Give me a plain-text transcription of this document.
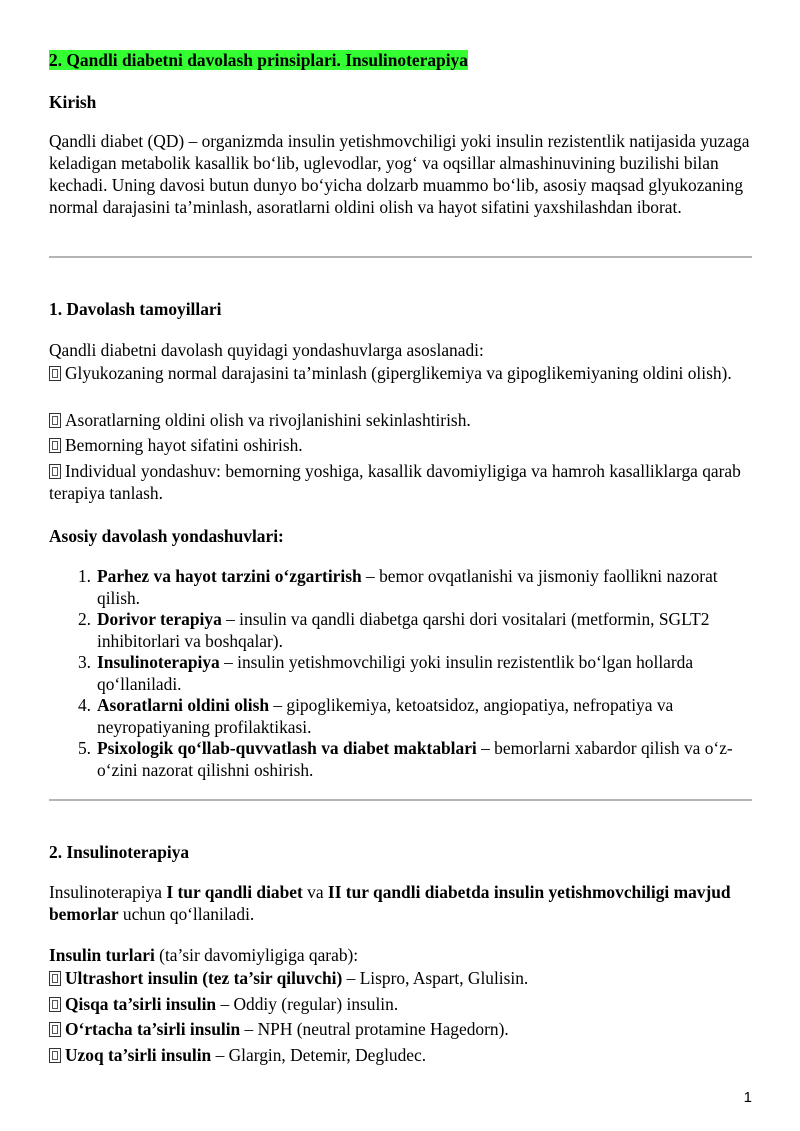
2. Qandli diabetni davolash prinsiplari. Insulinoterapiya
Kirish
Qandli diabet (QD) – organizmda insulin yetishmovchiligi yoki insulin rezistentlik natijasida yuzaga keladigan metabolik kasallik bo‘lib, uglevodlar, yog‘ va oqsillar almashinuvining buzilishi bilan kechadi. Uning davosi butun dunyo bo‘yicha dolzarb muammo bo‘lib, asosiy maqsad glyukozaning normal darajasini ta’minlash, asoratlarni oldini olish va hayot sifatini yaxshilashdan iborat.
1. Davolash tamoyillari
Qandli diabetni davolash quyidagi yondashuvlarga asoslanadi:
Glyukozaning normal darajasini ta’minlash (giperglikemiya va gipoglikemiyaning oldini olish).
Asoratlarning oldini olish va rivojlanishini sekinlashtirish.
Bemorning hayot sifatini oshirish.
Individual yondashuv: bemorning yoshiga, kasallik davomiyligiga va hamroh kasalliklarga qarab terapiya tanlash.
Asosiy davolash yondashuvlari:
1. Parhez va hayot tarzini o‘zgartirish – bemor ovqatlanishi va jismoniy faollikni nazorat qilish.
2. Dorivor terapiya – insulin va qandli diabetga qarshi dori vositalari (metformin, SGLT2 inhibitorlari va boshqalar).
3. Insulinoterapiya – insulin yetishmovchiligi yoki insulin rezistentlik bo‘lgan hollarda qo‘llaniladi.
4. Asoratlarni oldini olish – gipoglikemiya, ketoatsidoz, angiopatiya, nefropatiya va neyropatiyaning profilaktikasi.
5. Psixologik qo‘llab-quvvatlash va diabet maktablari – bemorlarni xabardor qilish va o‘z-o‘zini nazorat qilishni oshirish.
2. Insulinoterapiya
Insulinoterapiya I tur qandli diabet va II tur qandli diabetda insulin yetishmovchiligi mavjud bemorlar uchun qo‘llaniladi.
Insulin turlari (ta’sir davomiyligiga qarab):
Ultrashort insulin (tez ta’sir qiluvchi) – Lispro, Aspart, Glulisin.
Qisqa ta’sirli insulin – Oddiy (regular) insulin.
O‘rtacha ta’sirli insulin – NPH (neutral protamine Hagedorn).
Uzoq ta’sirli insulin – Glargin, Detemir, Degludec.
1
